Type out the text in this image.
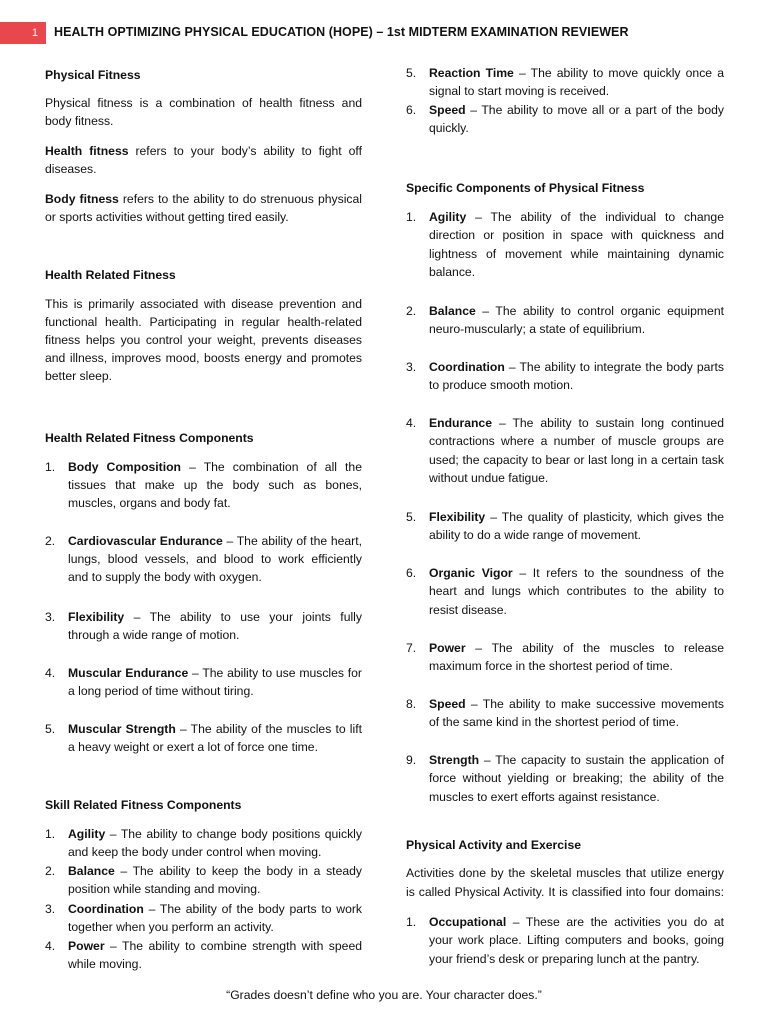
1	HEALTH OPTIMIZING PHYSICAL EDUCATION (HOPE) – 1st MIDTERM EXAMINATION REVIEWER
Physical Fitness
Physical fitness is a combination of health fitness and
body fitness.
Health fitness refers to your body’s ability to fight off
diseases.
Body fitness refers to the ability to do strenuous physical
or sports activities without getting tired easily.
Health Related Fitness
This is primarily associated with disease prevention and
functional health. Participating in regular health-related
fitness helps you control your weight, prevents diseases
and illness, improves mood, boosts energy and promotes
better sleep.
Health Related Fitness Components
1.	Body Composition – The combination of all the
tissues that make up the body such as bones,
muscles, organs and body fat.
2.	Cardiovascular Endurance – The ability of the heart,
lungs, blood vessels, and blood to work efficiently
and to supply the body with oxygen.
3.	Flexibility – The ability to use your joints fully
through a wide range of motion.
4.	Muscular Endurance – The ability to use muscles for
a long period of time without tiring.
5.	Muscular Strength – The ability of the muscles to lift
a heavy weight or exert a lot of force one time.
Skill Related Fitness Components
1.	Agility – The ability to change body positions quickly
and keep the body under control when moving.
2.	Balance – The ability to keep the body in a steady
position while standing and moving.
3.	Coordination – The ability of the body parts to work
together when you perform an activity.
4.	Power – The ability to combine strength with speed
while moving.
5.	Reaction Time – The ability to move quickly once a
signal to start moving is received.
6.	Speed – The ability to move all or a part of the body
quickly.
Specific Components of Physical Fitness
1.	Agility – The ability of the individual to change
direction or position in space with quickness and
lightness of movement while maintaining dynamic
balance.
2.	Balance – The ability to control organic equipment
neuro-muscularly; a state of equilibrium.
3.	Coordination – The ability to integrate the body parts
to produce smooth motion.
4.	Endurance – The ability to sustain long continued
contractions where a number of muscle groups are
used; the capacity to bear or last long in a certain task
without undue fatigue.
5.	Flexibility – The quality of plasticity, which gives the
ability to do a wide range of movement.
6.	Organic Vigor – It refers to the soundness of the
heart and lungs which contributes to the ability to
resist disease.
7.	Power – The ability of the muscles to release
maximum force in the shortest period of time.
8.	Speed – The ability to make successive movements
of the same kind in the shortest period of time.
9.	Strength – The capacity to sustain the application of
force without yielding or breaking; the ability of the
muscles to exert efforts against resistance.
Physical Activity and Exercise
Activities done by the skeletal muscles that utilize energy
is called Physical Activity. It is classified into four domains:
1.	Occupational – These are the activities you do at
your work place. Lifting computers and books, going
your friend’s desk or preparing lunch at the pantry.
“Grades doesn’t define who you are. Your character does.”
